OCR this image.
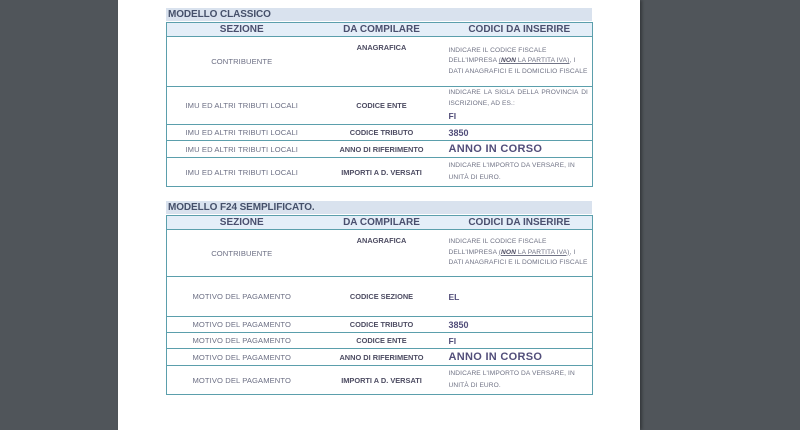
MODELLO CLASSICO
SEZIONE	DA COMPILARE	CODICI DA INSERIRE
CONTRIBUENTE	ANAGRAFICA	INDICARE IL CODICE FISCALE DELL'IMPRESA (NON LA PARTITA IVA), I DATI ANAGRAFICI E IL DOMICILIO FISCALE

IMU ED ALTRI TRIBUTI LOCALI	CODICE ENTE	INDICARE LA SIGLA DELLA PROVINCIA DI ISCRIZIONE, AD ES.:
FI

IMU ED ALTRI TRIBUTI LOCALI	CODICE TRIBUTO	3850

IMU ED ALTRI TRIBUTI LOCALI	ANNO DI RIFERIMENTO	ANNO IN CORSO

IMU ED ALTRI TRIBUTI LOCALI	IMPORTI A D. VERSATI	INDICARE L'IMPORTO DA VERSARE, IN UNITÀ DI EURO.
MODELLO F24 SEMPLIFICATO.
SEZIONE	DA COMPILARE	CODICI DA INSERIRE
CONTRIBUENTE	ANAGRAFICA	INDICARE IL CODICE FISCALE DELL'IMPRESA (NON LA PARTITA IVA), I DATI ANAGRAFICI E IL DOMICILIO FISCALE

MOTIVO DEL PAGAMENTO	CODICE SEZIONE	EL

MOTIVO DEL PAGAMENTO	CODICE TRIBUTO	3850

MOTIVO DEL PAGAMENTO	CODICE ENTE	FI

MOTIVO DEL PAGAMENTO	ANNO DI RIFERIMENTO	ANNO IN CORSO

MOTIVO DEL PAGAMENTO	IMPORTI A D. VERSATI	INDICARE L'IMPORTO DA VERSARE, IN UNITÀ DI EURO.
